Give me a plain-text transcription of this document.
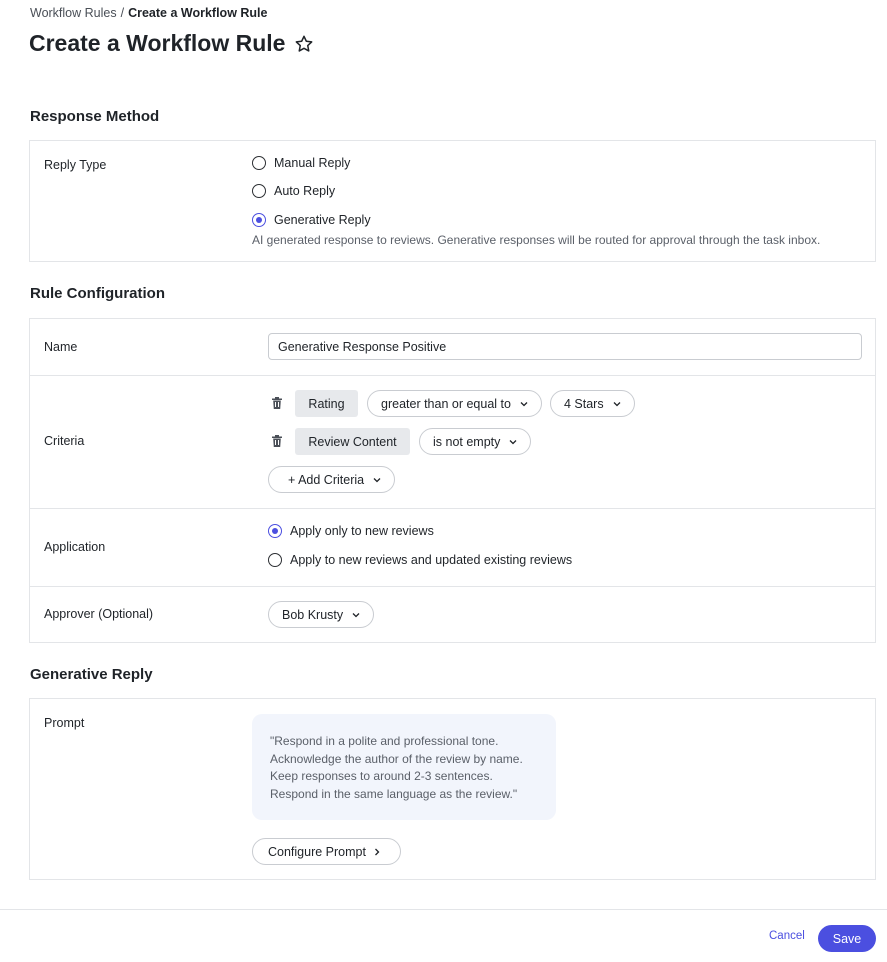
Workflow Rules / Create a Workflow Rule
Create a Workflow Rule
Response Method
Reply Type	Manual Reply
Auto Reply
Generative Reply
AI generated response to reviews. Generative responses will be routed for approval through the task inbox.
Rule Configuration
Name	Generative Response Positive
Criteria
Rating	greater than or equal to	4 Stars
Review Content	is not empty
+ Add Criteria
Application
Apply only to new reviews
Apply to new reviews and updated existing reviews
Approver (Optional)	Bob Krusty
Generative Reply
Prompt
"Respond in a polite and professional tone.
Acknowledge the author of the review by name.
Keep responses to around 2-3 sentences.
Respond in the same language as the review."
Configure Prompt
Cancel	Save
